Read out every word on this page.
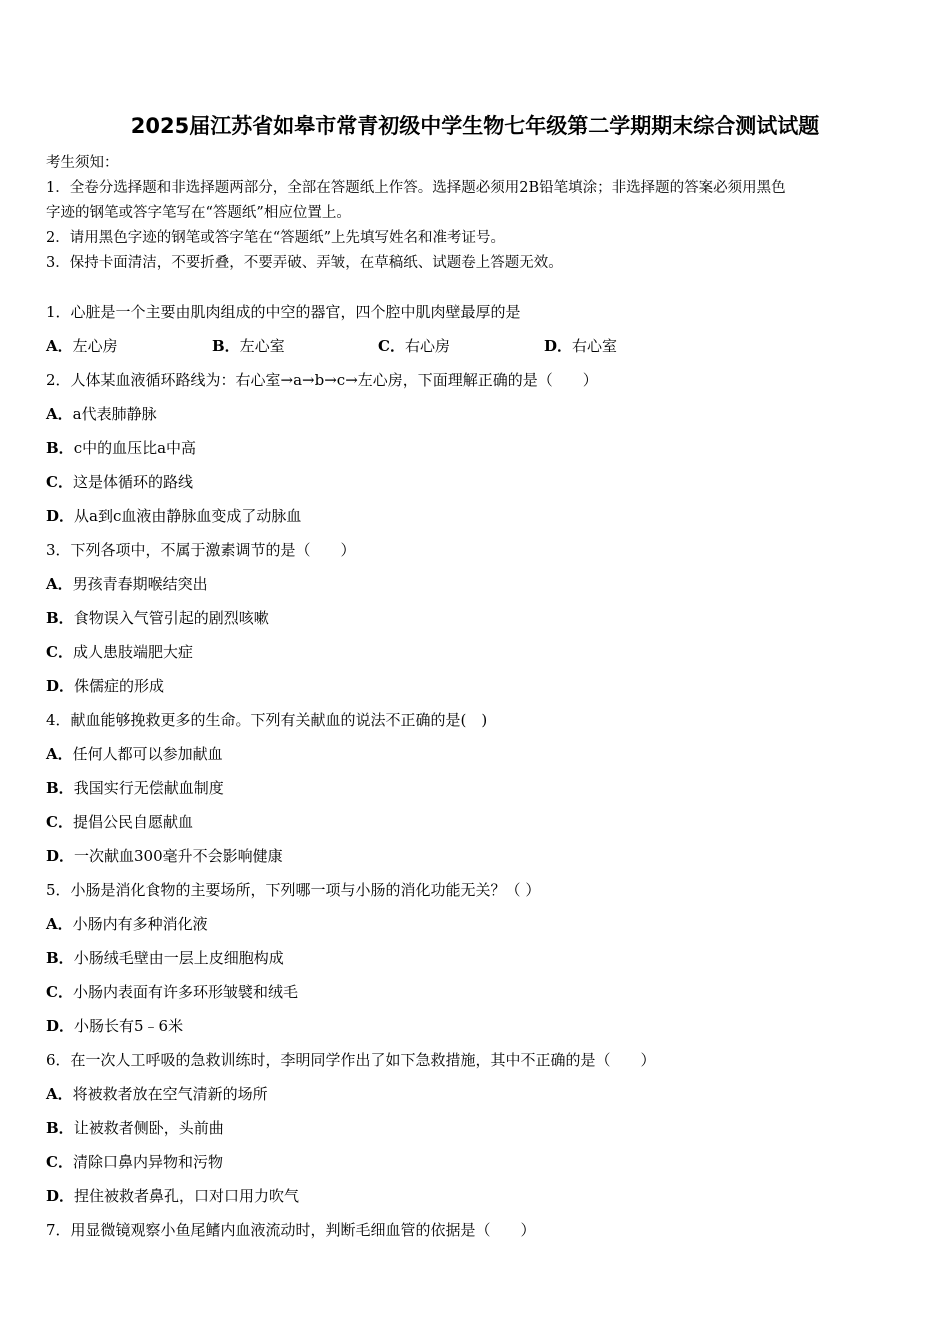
2025届江苏省如皋市常青初级中学生物七年级第二学期期末综合测试试题

考生须知：

1．全卷分选择题和非选择题两部分，全部在答题纸上作答。选择题必须用2B铅笔填涂；非选择题的答案必须用黑色

字迹的钢笔或答字笔写在“答题纸”相应位置上。

2．请用黑色字迹的钢笔或答字笔在“答题纸”上先填写姓名和准考证号。

3．保持卡面清洁，不要折叠，不要弄破、弄皱，在草稿纸、试题卷上答题无效。

1．心脏是一个主要由肌肉组成的中空的器官，四个腔中肌肉壁最厚的是
A．左心房	B．左心室	C．右心房	D．右心室
2．人体某血液循环路线为：右心室→a→b→c→左心房，下面理解正确的是（　　）
A．a代表肺静脉
B．c中的血压比a中高
C．这是体循环的路线
D．从a到c血液由静脉血变成了动脉血
3．下列各项中，不属于激素调节的是（　　）
A．男孩青春期喉结突出
B．食物误入气管引起的剧烈咳嗽
C．成人患肢端肥大症
D．侏儒症的形成
4．献血能够挽救更多的生命。下列有关献血的说法不正确的是(　)
A．任何人都可以参加献血
B．我国实行无偿献血制度
C．提倡公民自愿献血
D．一次献血300毫升不会影响健康
5．小肠是消化食物的主要场所，下列哪一项与小肠的消化功能无关？（ ）
A．小肠内有多种消化液
B．小肠绒毛壁由一层上皮细胞构成
C．小肠内表面有许多环形皱襞和绒毛
D．小肠长有5﹣6米
6．在一次人工呼吸的急救训练时，李明同学作出了如下急救措施，其中不正确的是（　　）
A．将被救者放在空气清新的场所
B．让被救者侧卧，头前曲
C．清除口鼻内异物和污物
D．捏住被救者鼻孔，口对口用力吹气
7．用显微镜观察小鱼尾鳍内血液流动时，判断毛细血管的依据是（　　）
